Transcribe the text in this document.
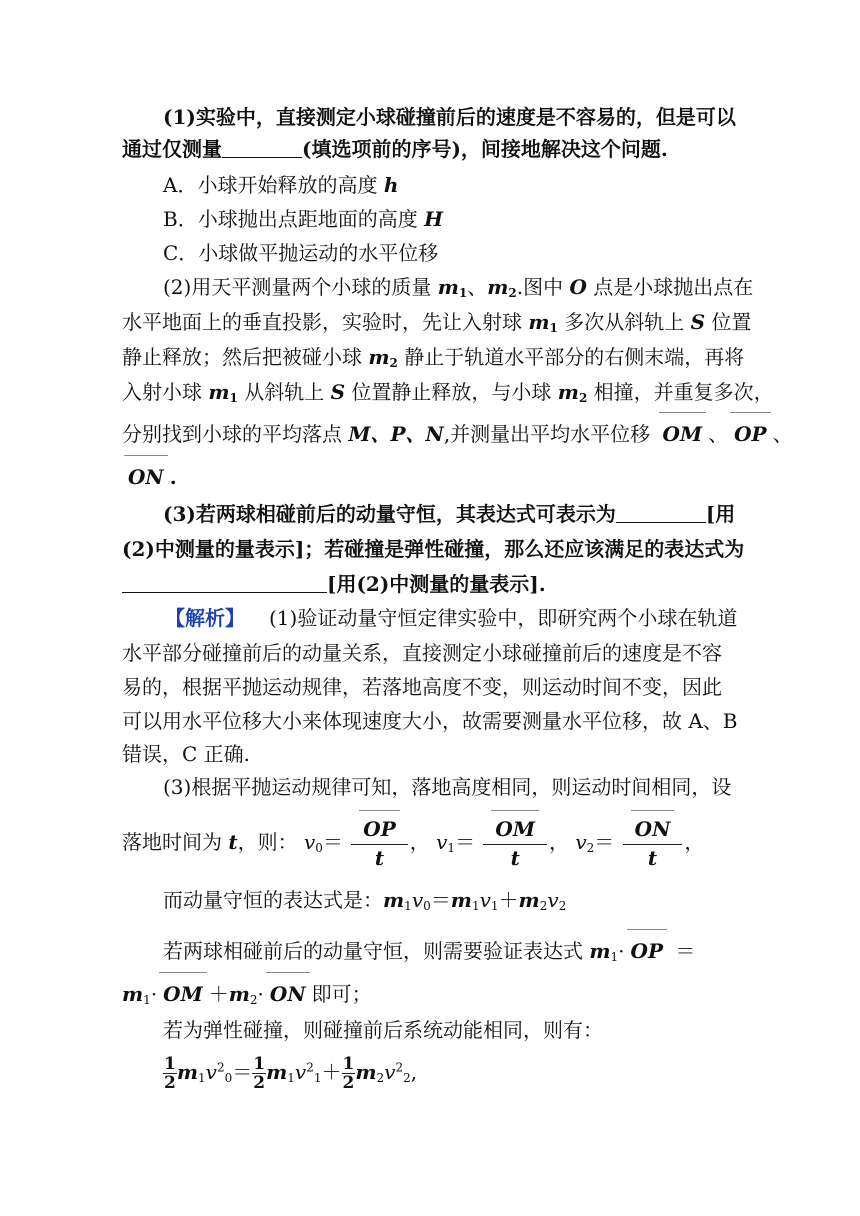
(1)实验中，直接测定小球碰撞前后的速度是不容易的，但是可以
通过仅测量	(填选项前的序号)，间接地解决这个问题.
A．小球开始释放的高度 h
B．小球抛出点距地面的高度 H
C．小球做平抛运动的水平位移
(2)用天平测量两个小球的质量 $m_1$、$m_2$.图中 O 点是小球抛出点在
水平地面上的垂直投影，实验时，先让入射球 $m_1$ 多次从斜轨上 S 位置
静止释放；然后把被碰小球 $m_2$ 静止于轨道水平部分的右侧末端，再将
入射小球 $m_1$ 从斜轨上 S 位置静止释放，与小球 $m_2$ 相撞，并重复多次，
分别找到小球的平均落点 M、P、N,并测量出平均水平位移 OM 、 OP 、
ON .
(3)若两球相碰前后的动量守恒，其表达式可表示为	[用
(2)中测量的量表示]；若碰撞是弹性碰撞，那么还应该满足的表达式为
[用(2)中测量的量表示].
【解析】 (1)验证动量守恒定律实验中，即研究两个小球在轨道
水平部分碰撞前后的动量关系，直接测定小球碰撞前后的速度是不容
易的，根据平抛运动规律，若落地高度不变，则运动时间不变，因此
可以用水平位移大小来体现速度大小，故需要测量水平位移，故 A、B
错误，C 正确.
(3)根据平抛运动规律可知，落地高度相同，则运动时间相同，设
落地时间为 t，则： $v_0= \frac{OP}{t}$ ， $v_1= \frac{OM}{t}$ ， $v_2= \frac{ON}{t}$ ，
而动量守恒的表达式是：$m_1v_0=m_1v_1+m_2v_2$
若两球相碰前后的动量守恒，则需要验证表达式 $m_1\cdot$ OP ＝
$m_1\cdot$ OM $+m_2\cdot$ ON 即可；
若为弹性碰撞，则碰撞前后系统动能相同，则有：
$\frac{1}{2} m_1v^2_0= \frac{1}{2} m_1v^2_1+ \frac{1}{2} m_2v^2_2$,
